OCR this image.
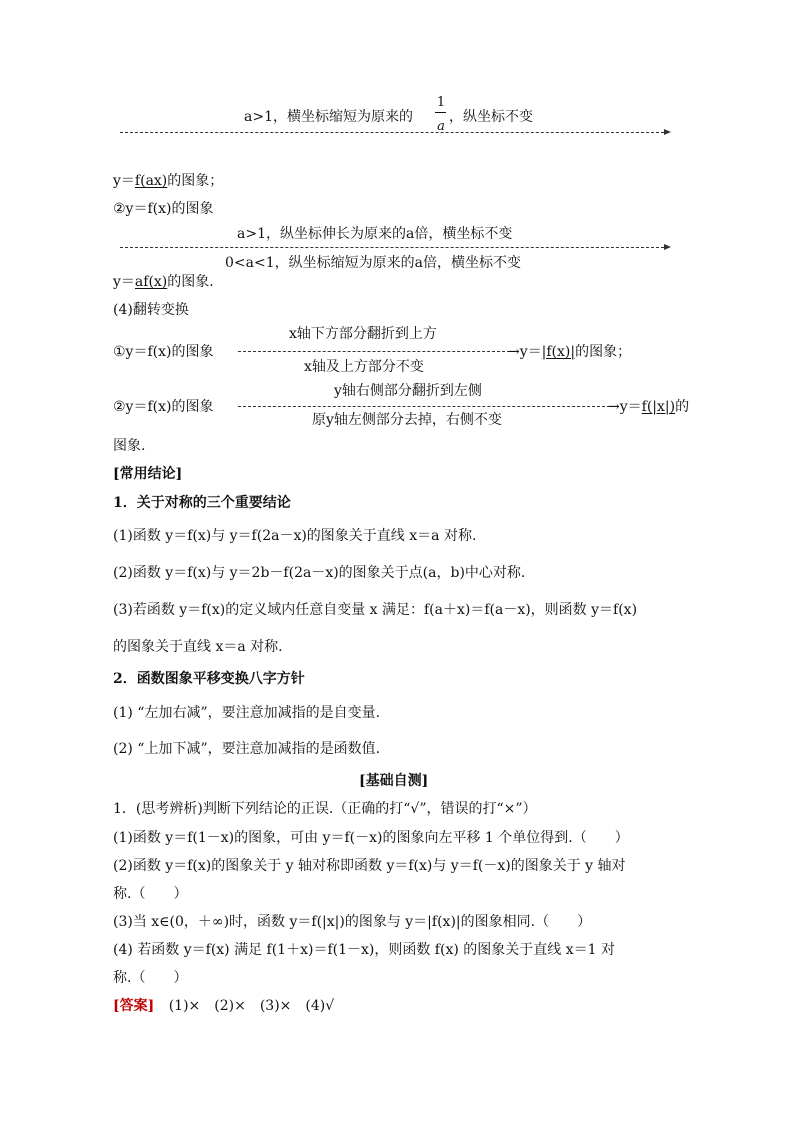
a>1，横坐标缩短为原来的
1
a
，纵坐标不变
y＝f(ax)的图象；
②y＝f(x)的图象
a>1，纵坐标伸长为原来的a倍，横坐标不变
0<a<1，纵坐标缩短为原来的a倍，横坐标不变
y＝af(x)的图象.
(4)翻转变换
x轴下方部分翻折到上方
①y＝f(x)的图象	→y＝|f(x)|的图象；
x轴及上方部分不变
y轴右侧部分翻折到左侧
②y＝f(x)的图象	→y＝f(|x|)的
原y轴左侧部分去掉，右侧不变
图象.
[常用结论]
1．关于对称的三个重要结论
(1)函数 y＝f(x)与 y＝f(2a－x)的图象关于直线 x＝a 对称.
(2)函数 y＝f(x)与 y＝2b－f(2a－x)的图象关于点(a，b)中心对称.
(3)若函数 y＝f(x)的定义域内任意自变量 x 满足：f(a＋x)＝f(a－x)，则函数 y＝f(x)
的图象关于直线 x＝a 对称.
2．函数图象平移变换八字方针
(1) “左加右减”，要注意加减指的是自变量.
(2) “上加下减”，要注意加减指的是函数值.
[基础自测]
1．(思考辨析)判断下列结论的正误.（正确的打“√”，错误的打“×”）
(1)函数 y＝f(1－x)的图象，可由 y＝f(－x)的图象向左平移 1 个单位得到.（　　）
(2)函数 y＝f(x)的图象关于 y 轴对称即函数 y＝f(x)与 y＝f(－x)的图象关于 y 轴对
称.（　　）
(3)当 x∈(0，＋∞)时，函数 y＝f(|x|)的图象与 y＝|f(x)|的图象相同.（　　）
(4) 若函数 y＝f(x) 满足 f(1＋x)＝f(1－x)，则函数 f(x) 的图象关于直线 x＝1 对
称.（　　）
[答案] (1)×　(2)×　(3)×　(4)√
